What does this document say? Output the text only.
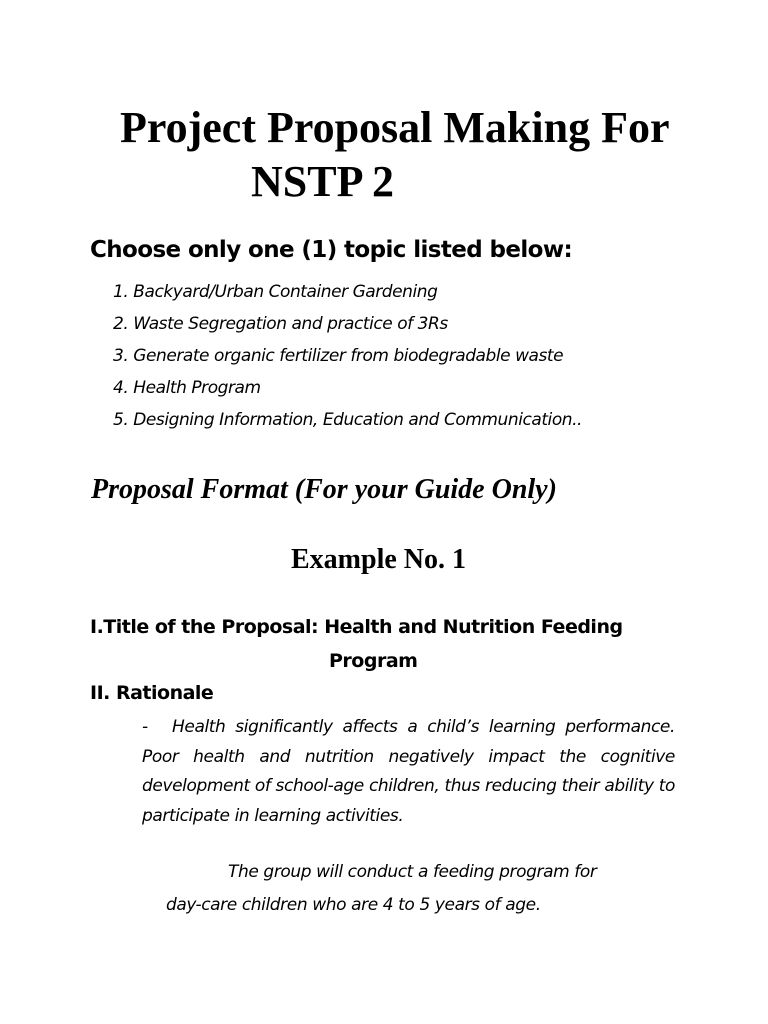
Project Proposal Making For
NSTP 2

Choose only one (1) topic listed below:

1. Backyard/Urban Container Gardening
2. Waste Segregation and practice of 3Rs
3. Generate organic fertilizer from biodegradable waste
4. Health Program
5. Designing Information, Education and Communication..
Proposal Format (For your Guide Only)
Example No. 1

I.Title of the Proposal: Health and Nutrition Feeding

Program

II. Rationale

- Health significantly affects a child’s learning performance. Poor health and nutrition negatively impact the cognitive development of school-age children, thus reducing their ability to participate in learning activities.

The group will conduct a feeding program for

day-care children who are 4 to 5 years of age.
